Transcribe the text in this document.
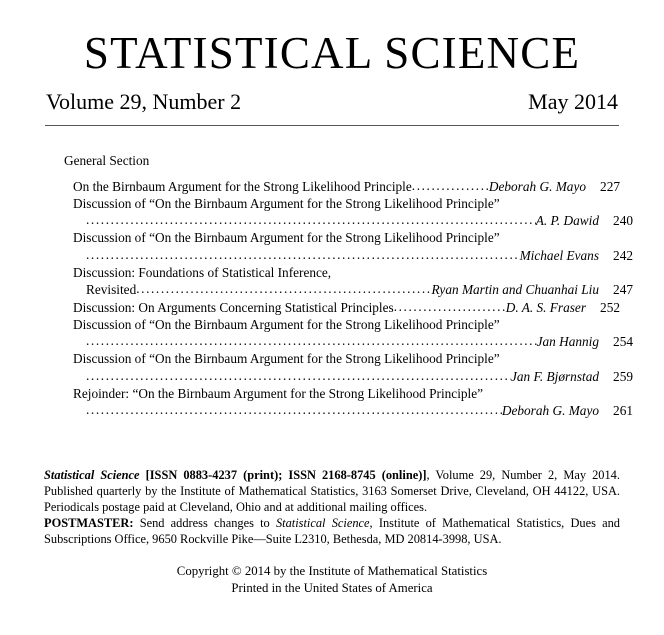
STATISTICAL SCIENCE
Volume 29, Number 2	May 2014
General Section
On the Birnbaum Argument for the Strong Likelihood Principle .....	Deborah G. Mayo	227
Discussion of “On the Birnbaum Argument for the Strong Likelihood Principle”
.....
A. P. Dawid	240
Discussion of “On the Birnbaum Argument for the Strong Likelihood Principle”
.....
Michael Evans	242
Discussion: Foundations of Statistical Inference,
Revisited .....	Ryan Martin and Chuanhai Liu	247
Discussion: On Arguments Concerning Statistical Principles .....	D. A. S. Fraser	252
Discussion of “On the Birnbaum Argument for the Strong Likelihood Principle”
.....
Jan Hannig	254
Discussion of “On the Birnbaum Argument for the Strong Likelihood Principle”
.....
Jan F. Bjørnstad	259
Rejoinder: “On the Birnbaum Argument for the Strong Likelihood Principle”
.....
Deborah G. Mayo	261

Statistical Science [ISSN 0883-4237 (print); ISSN 2168-8745 (online)], Volume 29, Number 2, May 2014. Published quarterly by the Institute of Mathematical Statistics, 3163 Somerset Drive, Cleveland, OH 44122, USA. Periodicals postage paid at Cleveland, Ohio and at additional mailing offices.

POSTMASTER: Send address changes to Statistical Science, Institute of Mathematical Statistics, Dues and Subscriptions Office, 9650 Rockville Pike—Suite L2310, Bethesda, MD 20814-3998, USA.

Copyright © 2014 by the Institute of Mathematical Statistics

Printed in the United States of America
